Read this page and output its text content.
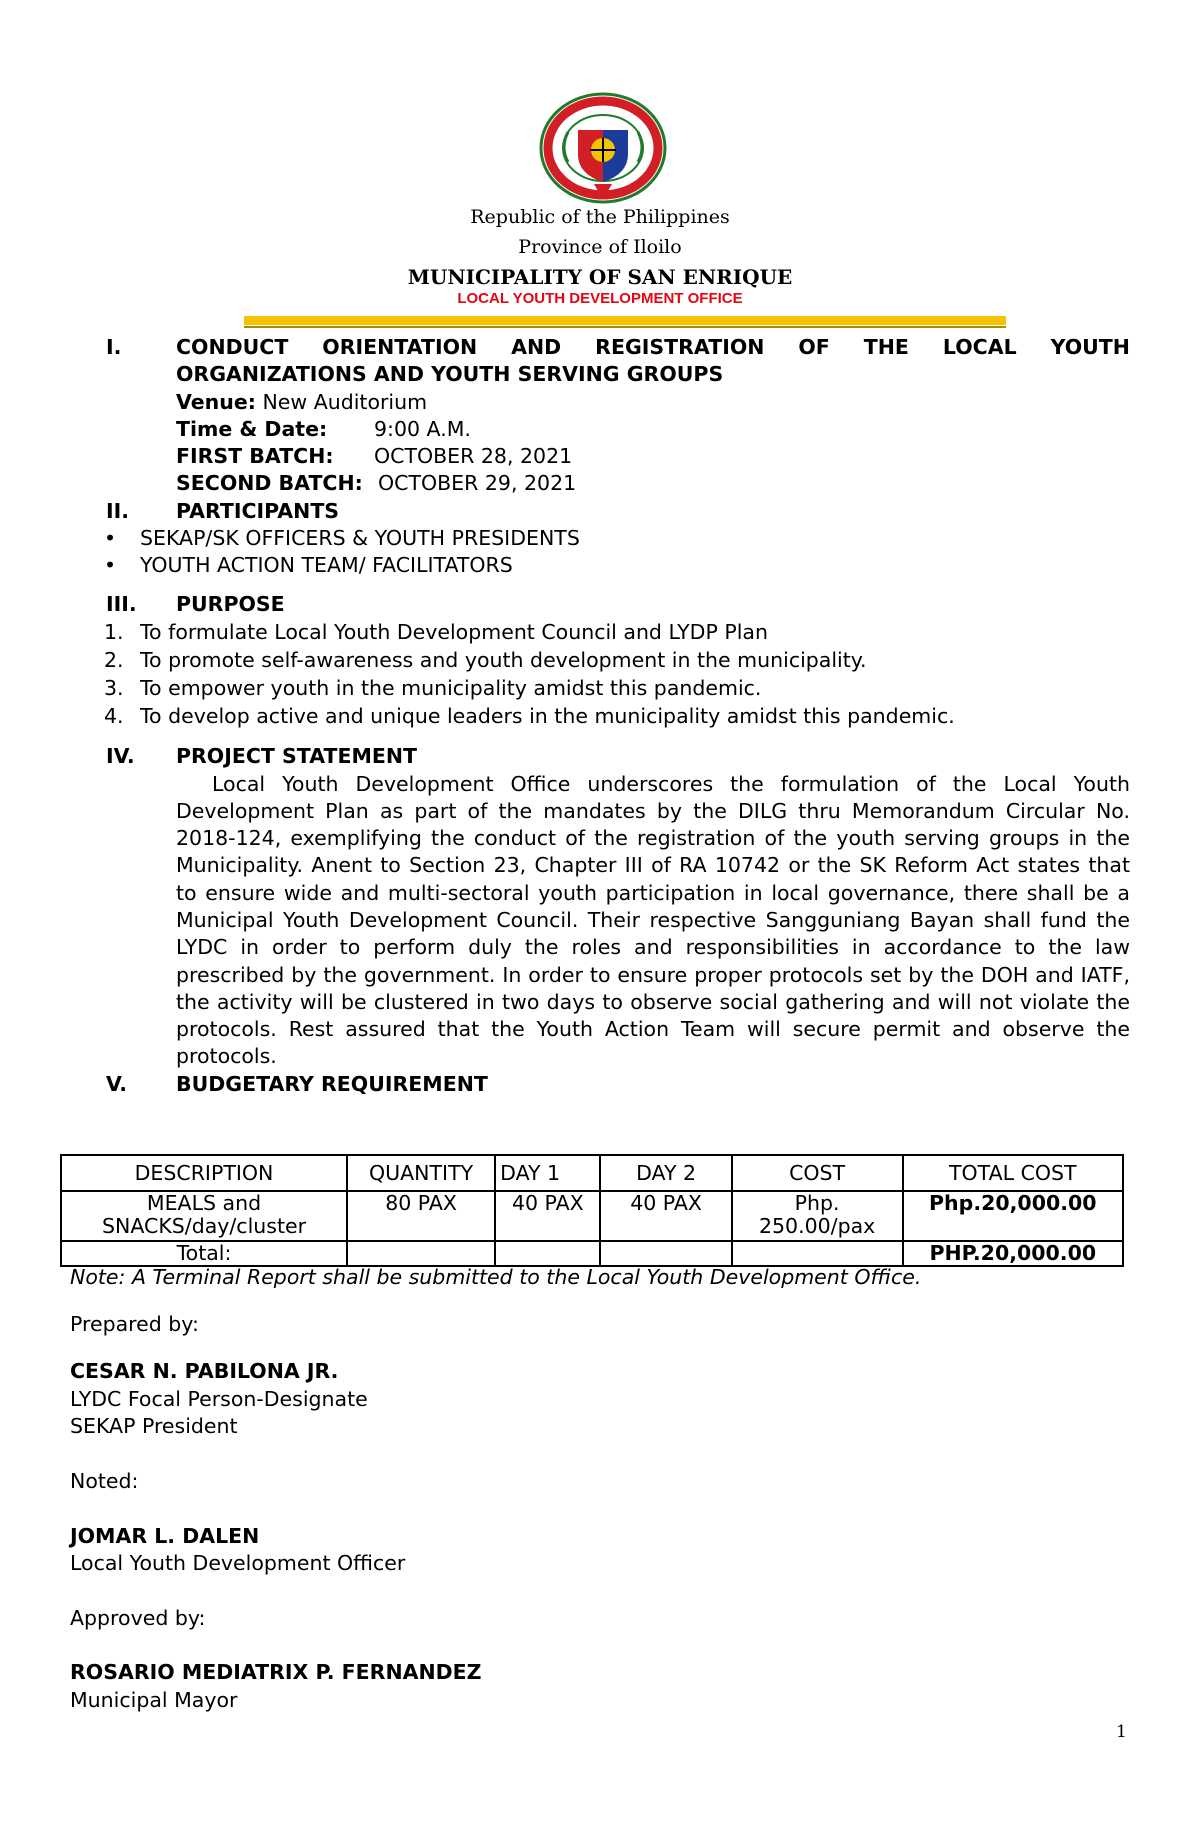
Republic of the Philippines
Province of Iloilo
MUNICIPALITY OF SAN ENRIQUE
LOCAL YOUTH DEVELOPMENT OFFICE
I.	CONDUCT ORIENTATION AND REGISTRATION OF THE LOCAL YOUTH
ORGANIZATIONS AND YOUTH SERVING GROUPS
Venue: New Auditorium
Time & Date: 9:00 A.M.
FIRST BATCH: OCTOBER 28, 2021
SECOND BATCH: OCTOBER 29, 2021
II. PARTICIPANTS
• SEKAP/SK OFFICERS & YOUTH PRESIDENTS
• YOUTH ACTION TEAM/ FACILITATORS
III. PURPOSE
1. To formulate Local Youth Development Council and LYDP Plan
2. To promote self-awareness and youth development in the municipality.
3. To empower youth in the municipality amidst this pandemic.
4. To develop active and unique leaders in the municipality amidst this pandemic.
IV. PROJECT STATEMENT
Local Youth Development Office underscores the formulation of the Local Youth
Development Plan as part of the mandates by the DILG thru Memorandum Circular No.
2018-124, exemplifying the conduct of the registration of the youth serving groups in the
Municipality. Anent to Section 23, Chapter III of RA 10742 or the SK Reform Act states that
to ensure wide and multi-sectoral youth participation in local governance, there shall be a
Municipal Youth Development Council. Their respective Sangguniang Bayan shall fund the
LYDC in order to perform duly the roles and responsibilities in accordance to the law
prescribed by the government. In order to ensure proper protocols set by the DOH and IATF,
the activity will be clustered in two days to observe social gathering and will not violate the
protocols. Rest assured that the Youth Action Team will secure permit and observe the
protocols.
V. BUDGETARY REQUIREMENT
DESCRIPTION	QUANTITY	DAY 1	DAY 2	COST	TOTAL COST
MEALS and SNACKS/day/cluster	80 PAX	40 PAX	40 PAX	Php. 250.00/pax	Php.20,000.00
Total:					PHP.20,000.00
Note: A Terminal Report shall be submitted to the Local Youth Development Office.
Prepared by:
CESAR N. PABILONA JR.
LYDC Focal Person-Designate
SEKAP President
Noted:
JOMAR L. DALEN
Local Youth Development Officer
Approved by:
ROSARIO MEDIATRIX P. FERNANDEZ
Municipal Mayor
1
